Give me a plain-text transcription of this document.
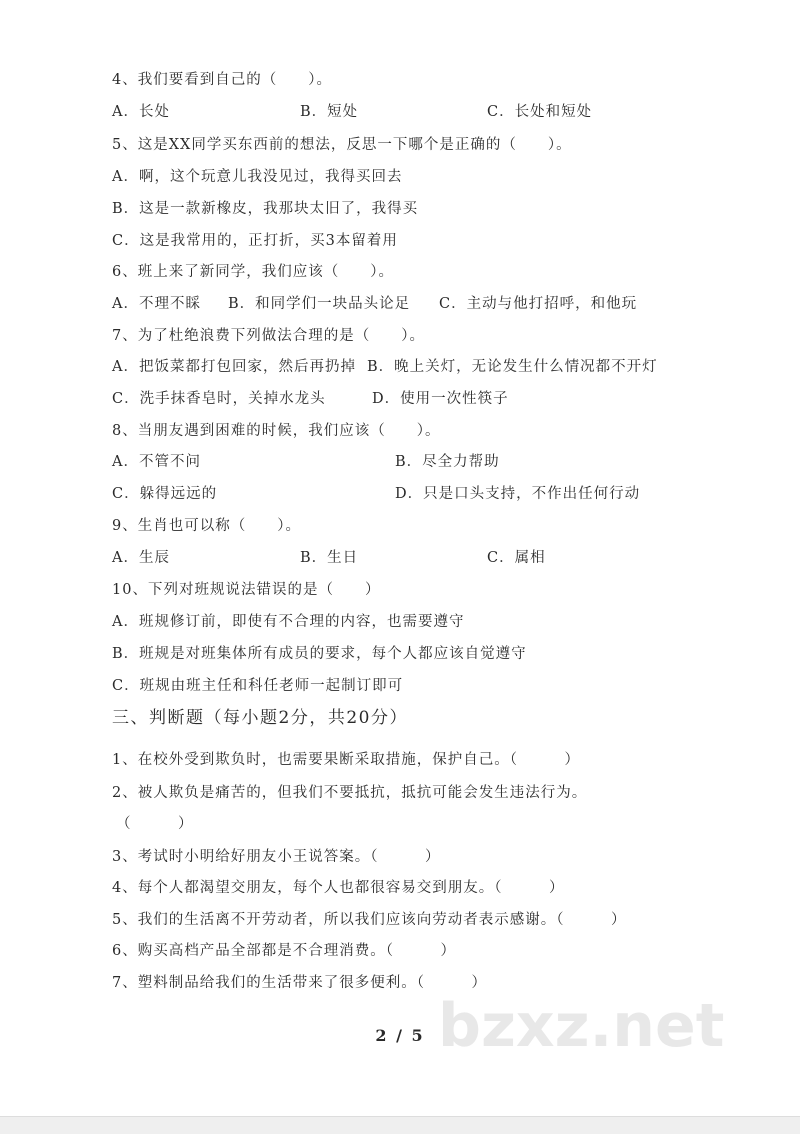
bzxz.net
4、我们要看到自己的（　　）。
A．长处	B．短处	C．长处和短处
5、这是XX同学买东西前的想法，反思一下哪个是正确的（　　）。
A．啊，这个玩意儿我没见过，我得买回去
B．这是一款新橡皮，我那块太旧了，我得买
C．这是我常用的，正打折，买3本留着用
6、班上来了新同学，我们应该（　　）。
A．不理不睬 B．和同学们一块品头论足 C．主动与他打招呼，和他玩
7、为了杜绝浪费下列做法合理的是（　　）。
A．把饭菜都打包回家，然后再扔掉 B．晚上关灯，无论发生什么情况都不开灯
C．洗手抹香皂时，关掉水龙头	D．使用一次性筷子
8、当朋友遇到困难的时候，我们应该（　　）。
A．不管不问	B．尽全力帮助
C．躲得远远的	D．只是口头支持，不作出任何行动
9、生肖也可以称（　　）。
A．生辰	B．生日	C．属相
10、下列对班规说法错误的是（　　）
A．班规修订前，即使有不合理的内容，也需要遵守
B．班规是对班集体所有成员的要求，每个人都应该自觉遵守
C．班规由班主任和科任老师一起制订即可
三、判断题（每小题2分，共20分）
1、在校外受到欺负时，也需要果断采取措施，保护自己。（　　　）
2、被人欺负是痛苦的，但我们不要抵抗，抵抗可能会发生违法行为。
（　　　）
3、考试时小明给好朋友小王说答案。（　　　）
4、每个人都渴望交朋友，每个人也都很容易交到朋友。（　　　）
5、我们的生活离不开劳动者，所以我们应该向劳动者表示感谢。（　　　）
6、购买高档产品全部都是不合理消费。（　　　）
7、塑料制品给我们的生活带来了很多便利。（　　　）
2 / 5
